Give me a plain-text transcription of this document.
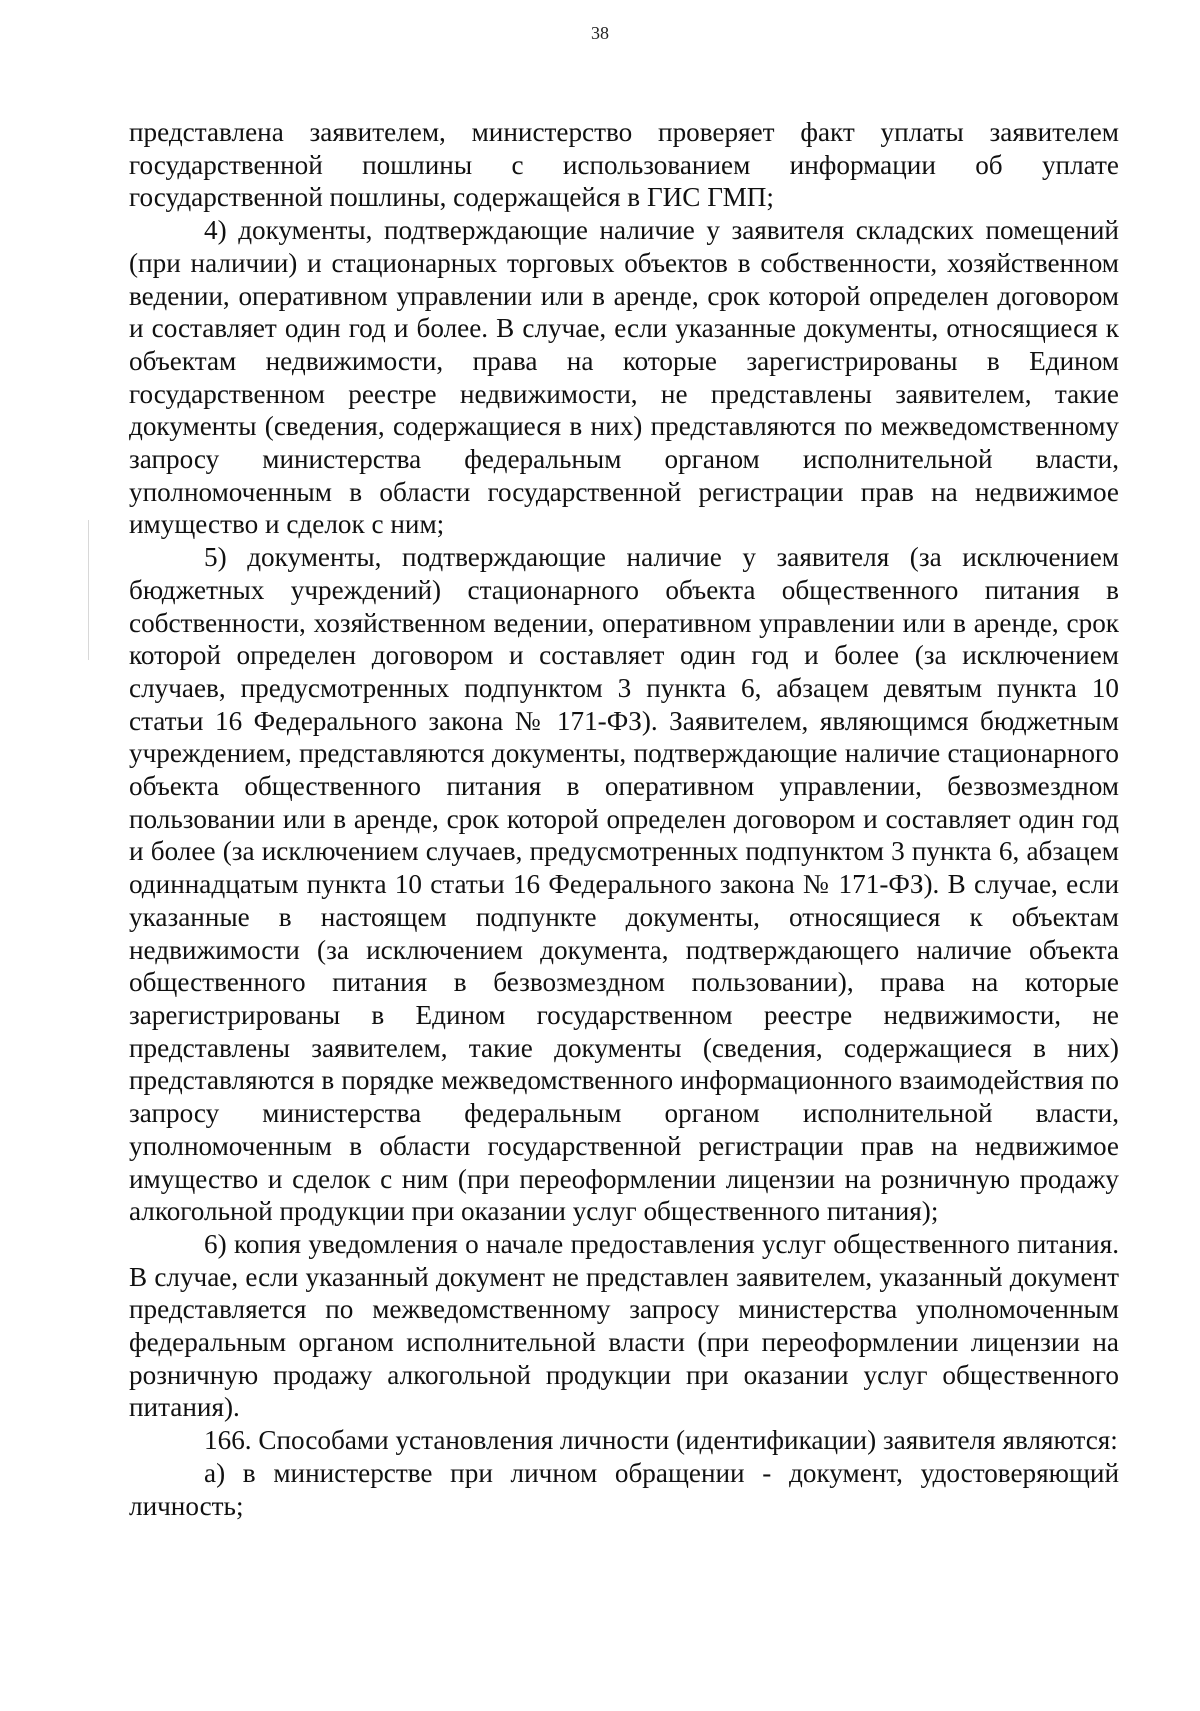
38

представлена заявителем, министерство проверяет факт уплаты заявителем государственной пошлины с использованием информации об уплате государственной пошлины, содержащейся в ГИС ГМП;

4) документы, подтверждающие наличие у заявителя складских помещений (при наличии) и стационарных торговых объектов в собственности, хозяйственном ведении, оперативном управлении или в аренде, срок которой определен договором и составляет один год и более. В случае, если указанные документы, относящиеся к объектам недвижимости, права на которые зарегистрированы в Едином государственном реестре недвижимости, не представлены заявителем, такие документы (сведения, содержащиеся в них) представляются по межведомственному запросу министерства федеральным органом исполнительной власти, уполномоченным в области государственной регистрации прав на недвижимое имущество и сделок с ним;

5) документы, подтверждающие наличие у заявителя (за исключением бюджетных учреждений) стационарного объекта общественного питания в собственности, хозяйственном ведении, оперативном управлении или в аренде, срок которой определен договором и составляет один год и более (за исключением случаев, предусмотренных подпунктом 3 пункта 6, абзацем девятым пункта 10 статьи 16 Федерального закона № 171-ФЗ). Заявителем, являющимся бюджетным учреждением, представляются документы, подтверждающие наличие стационарного объекта общественного питания в оперативном управлении, безвозмездном пользовании или в аренде, срок которой определен договором и составляет один год и более (за исключением случаев, предусмотренных подпунктом 3 пункта 6, абзацем одиннадцатым пункта 10 статьи 16 Федерального закона № 171-ФЗ). В случае, если указанные в настоящем подпункте документы, относящиеся к объектам недвижимости (за исключением документа, подтверждающего наличие объекта общественного питания в безвозмездном пользовании), права на которые зарегистрированы в Едином государственном реестре недвижимости, не представлены заявителем, такие документы (сведения, содержащиеся в них) представляются в порядке межведомственного информационного взаимодействия по запросу министерства федеральным органом исполнительной власти, уполномоченным в области государственной регистрации прав на недвижимое имущество и сделок с ним (при переоформлении лицензии на розничную продажу алкогольной продукции при оказании услуг общественного питания);

6) копия уведомления о начале предоставления услуг общественного питания. В случае, если указанный документ не представлен заявителем, указанный документ представляется по межведомственному запросу министерства уполномоченным федеральным органом исполнительной власти (при переоформлении лицензии на розничную продажу алкогольной продукции при оказании услуг общественного питания).

166. Способами установления личности (идентификации) заявителя являются:

а) в министерстве при личном обращении - документ, удостоверяющий личность;
